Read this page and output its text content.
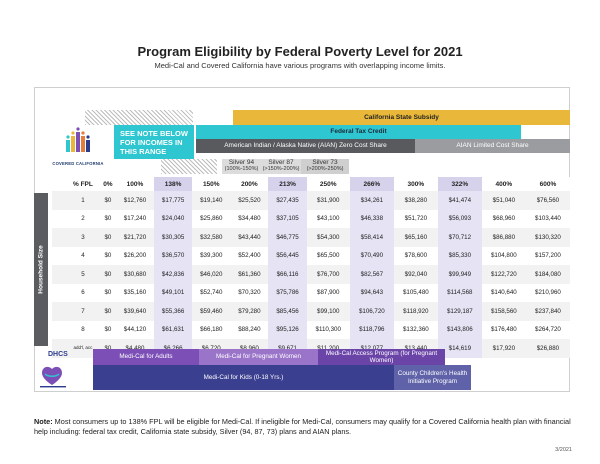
Program Eligibility by Federal Poverty Level for 2021
Medi-Cal and Covered California have various programs with overlapping income limits.
California State Subsidy
Federal Tax Credit
American Indian / Alaska Native (AIAN) Zero Cost Share	AIAN Limited Cost Share
SEE NOTE BELOW
FOR INCOMES IN
THIS RANGE
COVERED CALIFORNIA	Silver 94
(100%-150%)
Silver 87
(>150%-200%)
Silver 73
(>200%-250%)
Household Size
	% FPL	0%	100%	138%	150%	200%	213%	250%	266%	300%	322%	400%	600%
	1	$0	$12,760	$17,775	$19,140	$25,520	$27,435	$31,900	$34,261	$38,280	$41,474	$51,040	$76,560
	2	$0	$17,240	$24,040	$25,860	$34,480	$37,105	$43,100	$46,338	$51,720	$56,093	$68,960	$103,440
	3	$0	$21,720	$30,305	$32,580	$43,440	$46,775	$54,300	$58,414	$65,160	$70,712	$86,880	$130,320
	4	$0	$26,200	$36,570	$39,300	$52,400	$56,445	$65,500	$70,490	$78,600	$85,330	$104,800	$157,200
	5	$0	$30,680	$42,836	$46,020	$61,360	$66,116	$76,700	$82,567	$92,040	$99,949	$122,720	$184,080
	6	$0	$35,160	$49,101	$52,740	$70,320	$75,786	$87,900	$94,643	$105,480	$114,568	$140,640	$210,960
	7	$0	$39,640	$55,366	$59,460	$79,280	$85,456	$99,100	$106,720	$118,920	$129,187	$158,560	$237,840
	8	$0	$44,120	$61,631	$66,180	$88,240	$95,126	$110,300	$118,796	$132,360	$143,806	$176,480	$264,720
	add'l, acc										$14,619	$17,920	$26,880
Medi-Cal for Adults	Medi-Cal for Pregnant Women
Medi-Cal Access Program (for Pregnant Women)
Medi-Cal for Kids (0-18 Yrs.)
County Children's Health Initiative Program
DHCS
Note: Most consumers up to 138% FPL will be eligible for Medi-Cal. If ineligible for Medi-Cal, consumers may qualify for a Covered California health plan with financial help including: federal tax credit, California state subsidy, Silver (94, 87, 73) plans and AIAN plans.
3/2021
